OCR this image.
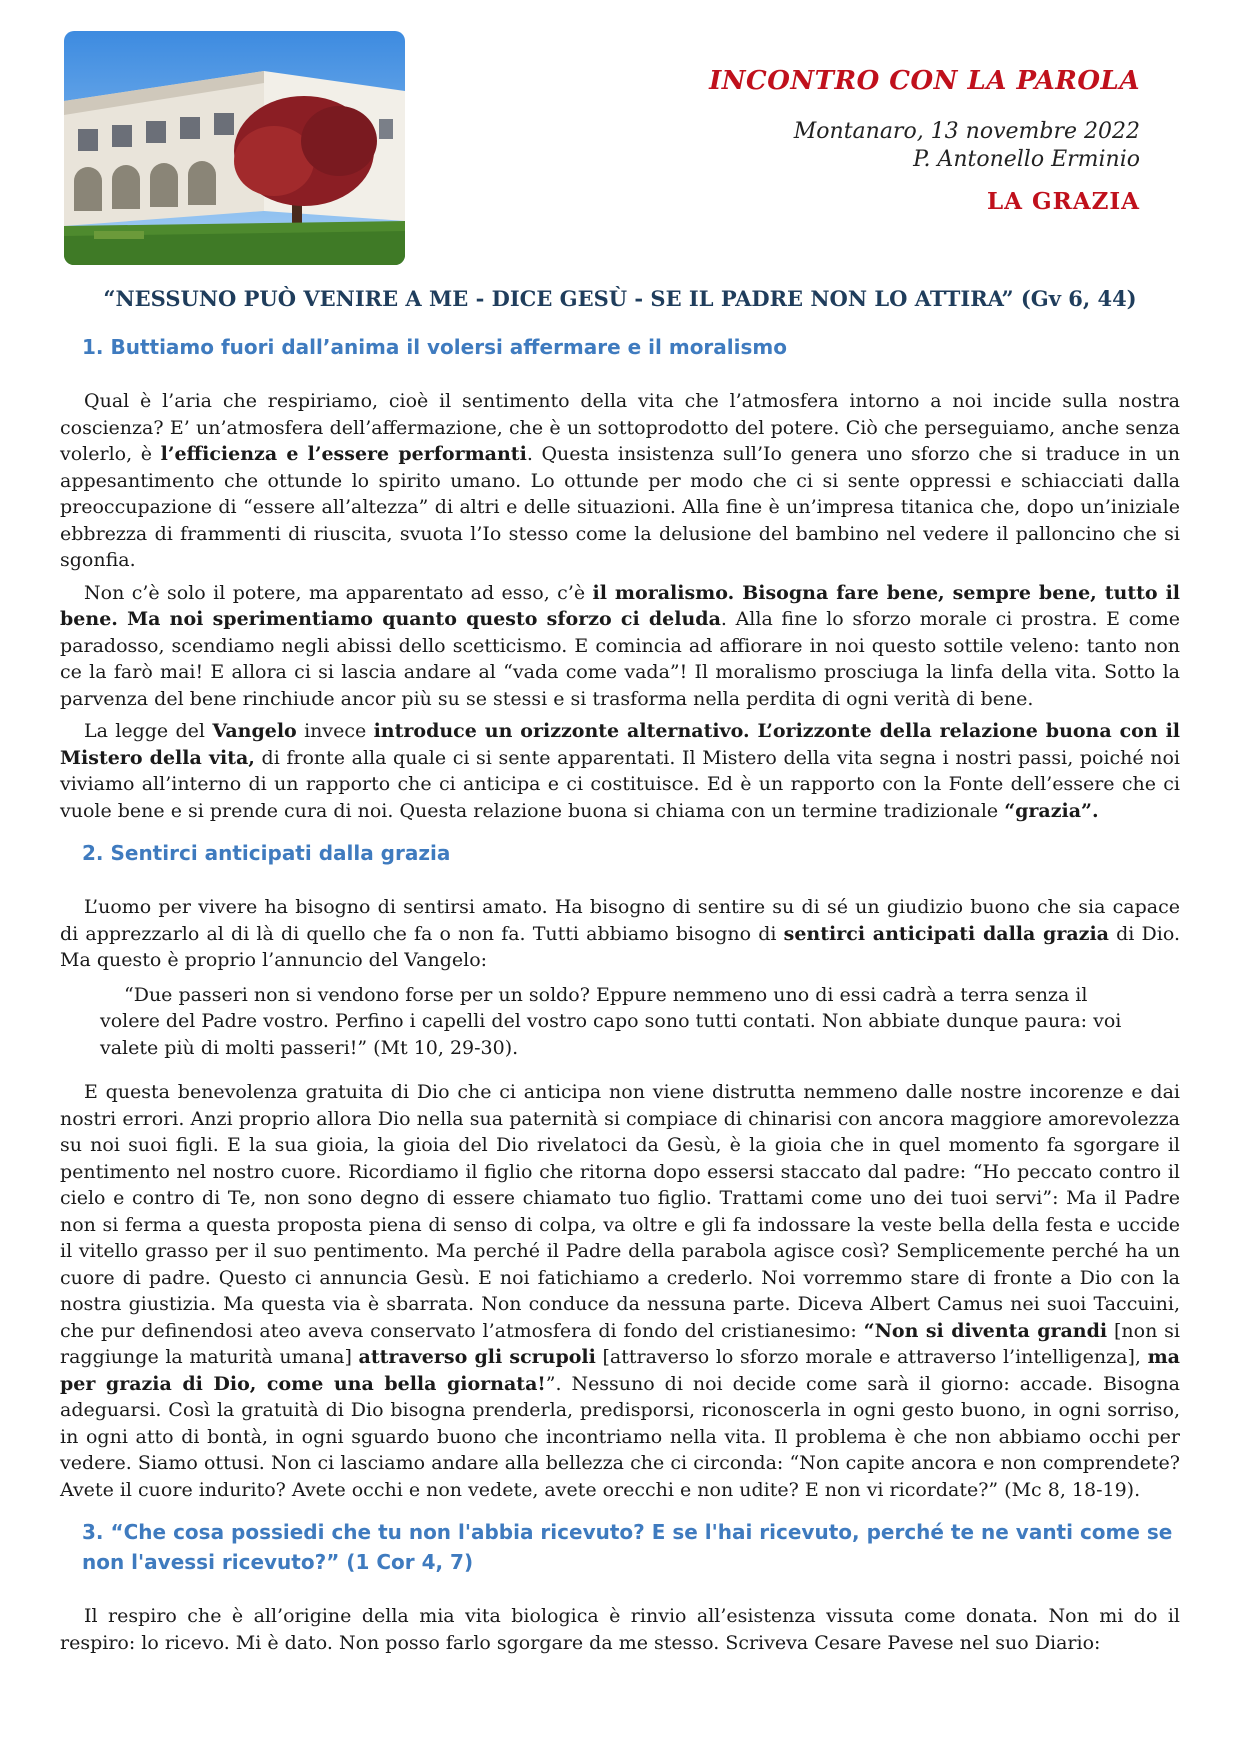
INCONTRO CON LA PAROLA
Montanaro, 13 novembre 2022
P. Antonello Erminio
LA GRAZIA
“NESSUNO PUÒ VENIRE A ME - DICE GESÙ - SE IL PADRE NON LO ATTIRA” (Gv 6, 44)
1. Buttiamo fuori dall’anima il volersi affermare e il moralismo

Qual è l’aria che respiriamo, cioè il sentimento della vita che l’atmosfera intorno a noi incide sulla nostra coscienza? E’ un’atmosfera dell’affermazione, che è un sottoprodotto del potere. Ciò che perseguiamo, anche senza volerlo, è l’efficienza e l’essere performanti. Questa insistenza sull’Io genera uno sforzo che si traduce in un appesantimento che ottunde lo spirito umano. Lo ottunde per modo che ci si sente oppressi e schiacciati dalla preoccupazione di “essere all’altezza” di altri e delle situazioni. Alla fine è un’impresa titanica che, dopo un’iniziale ebbrezza di frammenti di riuscita, svuota l’Io stesso come la delusione del bambino nel vedere il palloncino che si sgonfia.

Non c’è solo il potere, ma apparentato ad esso, c’è il moralismo. Bisogna fare bene, sempre bene, tutto il bene. Ma noi sperimentiamo quanto questo sforzo ci deluda. Alla fine lo sforzo morale ci prostra. E come paradosso, scendiamo negli abissi dello scetticismo. E comincia ad affiorare in noi questo sottile veleno: tanto non ce la farò mai! E allora ci si lascia andare al “vada come vada”! Il moralismo prosciuga la linfa della vita. Sotto la parvenza del bene rinchiude ancor più su se stessi e si trasforma nella perdita di ogni verità di bene.

La legge del Vangelo invece introduce un orizzonte alternativo. L’orizzonte della relazione buona con il Mistero della vita, di fronte alla quale ci si sente apparentati. Il Mistero della vita segna i nostri passi, poiché noi viviamo all’interno di un rapporto che ci anticipa e ci costituisce. Ed è un rapporto con la Fonte dell’essere che ci vuole bene e si prende cura di noi. Questa relazione buona si chiama con un termine tradizionale “grazia”.

2. Sentirci anticipati dalla grazia

L’uomo per vivere ha bisogno di sentirsi amato. Ha bisogno di sentire su di sé un giudizio buono che sia capace di apprezzarlo al di là di quello che fa o non fa. Tutti abbiamo bisogno di sentirci anticipati dalla grazia di Dio. Ma questo è proprio l’annuncio del Vangelo:

“Due passeri non si vendono forse per un soldo? Eppure nemmeno uno di essi cadrà a terra senza il volere del Padre vostro. Perfino i capelli del vostro capo sono tutti contati. Non abbiate dunque paura: voi valete più di molti passeri!” (Mt 10, 29-30).

E questa benevolenza gratuita di Dio che ci anticipa non viene distrutta nemmeno dalle nostre incorenze e dai nostri errori. Anzi proprio allora Dio nella sua paternità si compiace di chinarisi con ancora maggiore amorevolezza su noi suoi figli. E la sua gioia, la gioia del Dio rivelatoci da Gesù, è la gioia che in quel momento fa sgorgare il pentimento nel nostro cuore. Ricordiamo il figlio che ritorna dopo essersi staccato dal padre: “Ho peccato contro il cielo e contro di Te, non sono degno di essere chiamato tuo figlio. Trattami come uno dei tuoi servi”: Ma il Padre non si ferma a questa proposta piena di senso di colpa, va oltre e gli fa indossare la veste bella della festa e uccide il vitello grasso per il suo pentimento. Ma perché il Padre della parabola agisce così? Semplicemente perché ha un cuore di padre. Questo ci annuncia Gesù. E noi fatichiamo a crederlo. Noi vorremmo stare di fronte a Dio con la nostra giustizia. Ma questa via è sbarrata. Non conduce da nessuna parte. Diceva Albert Camus nei suoi Taccuini, che pur definendosi ateo aveva conservato l’atmosfera di fondo del cristianesimo: “Non si diventa grandi [non si raggiunge la maturità umana] attraverso gli scrupoli [attraverso lo sforzo morale e attraverso l’intelligenza], ma per grazia di Dio, come una bella giornata!”. Nessuno di noi decide come sarà il giorno: accade. Bisogna adeguarsi. Così la gratuità di Dio bisogna prenderla, predisporsi, riconoscerla in ogni gesto buono, in ogni sorriso, in ogni atto di bontà, in ogni sguardo buono che incontriamo nella vita. Il problema è che non abbiamo occhi per vedere. Siamo ottusi. Non ci lasciamo andare alla bellezza che ci circonda: “Non capite ancora e non comprendete? Avete il cuore indurito? Avete occhi e non vedete, avete orecchi e non udite? E non vi ricordate?” (Mc 8, 18-19).

3. “Che cosa possiedi che tu non l'abbia ricevuto? E se l'hai ricevuto, perché te ne vanti come se non l'avessi ricevuto?” (1 Cor 4, 7)

Il respiro che è all’origine della mia vita biologica è rinvio all’esistenza vissuta come donata. Non mi do il respiro: lo ricevo. Mi è dato. Non posso farlo sgorgare da me stesso. Scriveva Cesare Pavese nel suo Diario:
